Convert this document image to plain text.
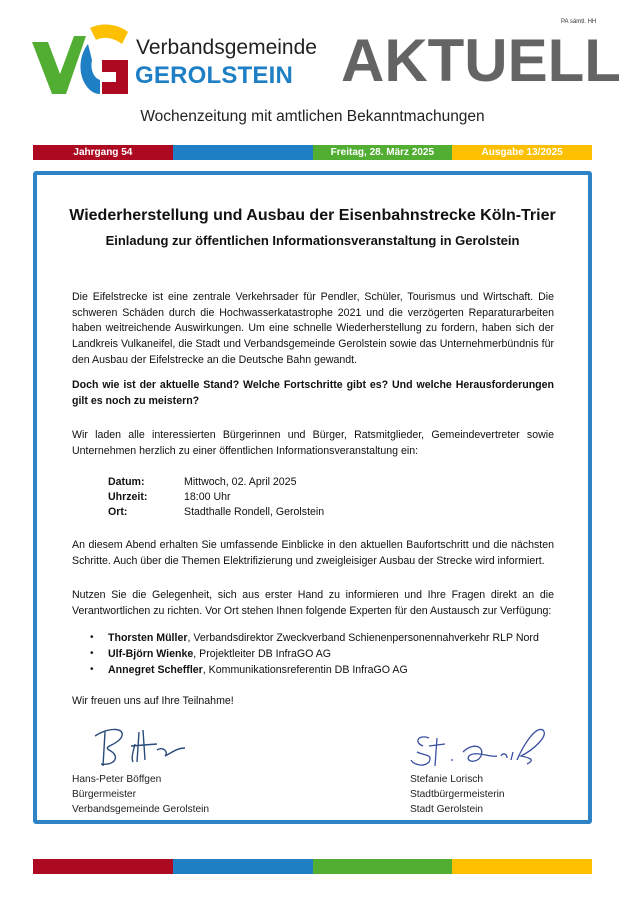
PA sämtl. HH
Verbandsgemeinde
GEROLSTEIN AKTUELL
Wochenzeitung mit amtlichen Bekanntmachungen
Jahrgang 54	Freitag, 28. März 2025	Ausgabe 13/2025
Wiederherstellung und Ausbau der Eisenbahnstrecke Köln-Trier
Einladung zur öffentlichen Informationsveranstaltung in Gerolstein
Die Eifelstrecke ist eine zentrale Verkehrsader für Pendler, Schüler, Tourismus und Wirtschaft. Die schweren Schäden durch die Hochwasserkatastrophe 2021 und die verzögerten Reparaturarbeiten haben weitreichende Auswirkungen. Um eine schnelle Wiederherstellung zu fordern, haben sich der Landkreis Vulkaneifel, die Stadt und Verbandsgemeinde Gerolstein sowie das Unternehmerbündnis für den Ausbau der Eifelstrecke an die Deutsche Bahn gewandt.
Doch wie ist der aktuelle Stand? Welche Fortschritte gibt es? Und welche Herausforderungen gilt es noch zu meistern?
Wir laden alle interessierten Bürgerinnen und Bürger, Ratsmitglieder, Gemeindevertreter sowie Unternehmen herzlich zu einer öffentlichen Informationsveranstaltung ein:
Datum:	Mittwoch, 02. April 2025
Uhrzeit:	18:00 Uhr
Ort:	Stadthalle Rondell, Gerolstein
An diesem Abend erhalten Sie umfassende Einblicke in den aktuellen Baufortschritt und die nächsten Schritte. Auch über die Themen Elektrifizierung und zweigleisiger Ausbau der Strecke wird informiert.
Nutzen Sie die Gelegenheit, sich aus erster Hand zu informieren und Ihre Fragen direkt an die Verantwortlichen zu richten. Vor Ort stehen Ihnen folgende Experten für den Austausch zur Verfügung:
•	Thorsten Müller, Verbandsdirektor Zweckverband Schienenpersonennahverkehr RLP Nord
•	Ulf-Björn Wienke, Projektleiter DB InfraGO AG
•	Annegret Scheffler, Kommunikationsreferentin DB InfraGO AG
Wir freuen uns auf Ihre Teilnahme!
Hans-Peter Böffgen
Bürgermeister
Verbandsgemeinde Gerolstein
Stefanie Lorisch
Stadtbürgermeisterin
Stadt Gerolstein
